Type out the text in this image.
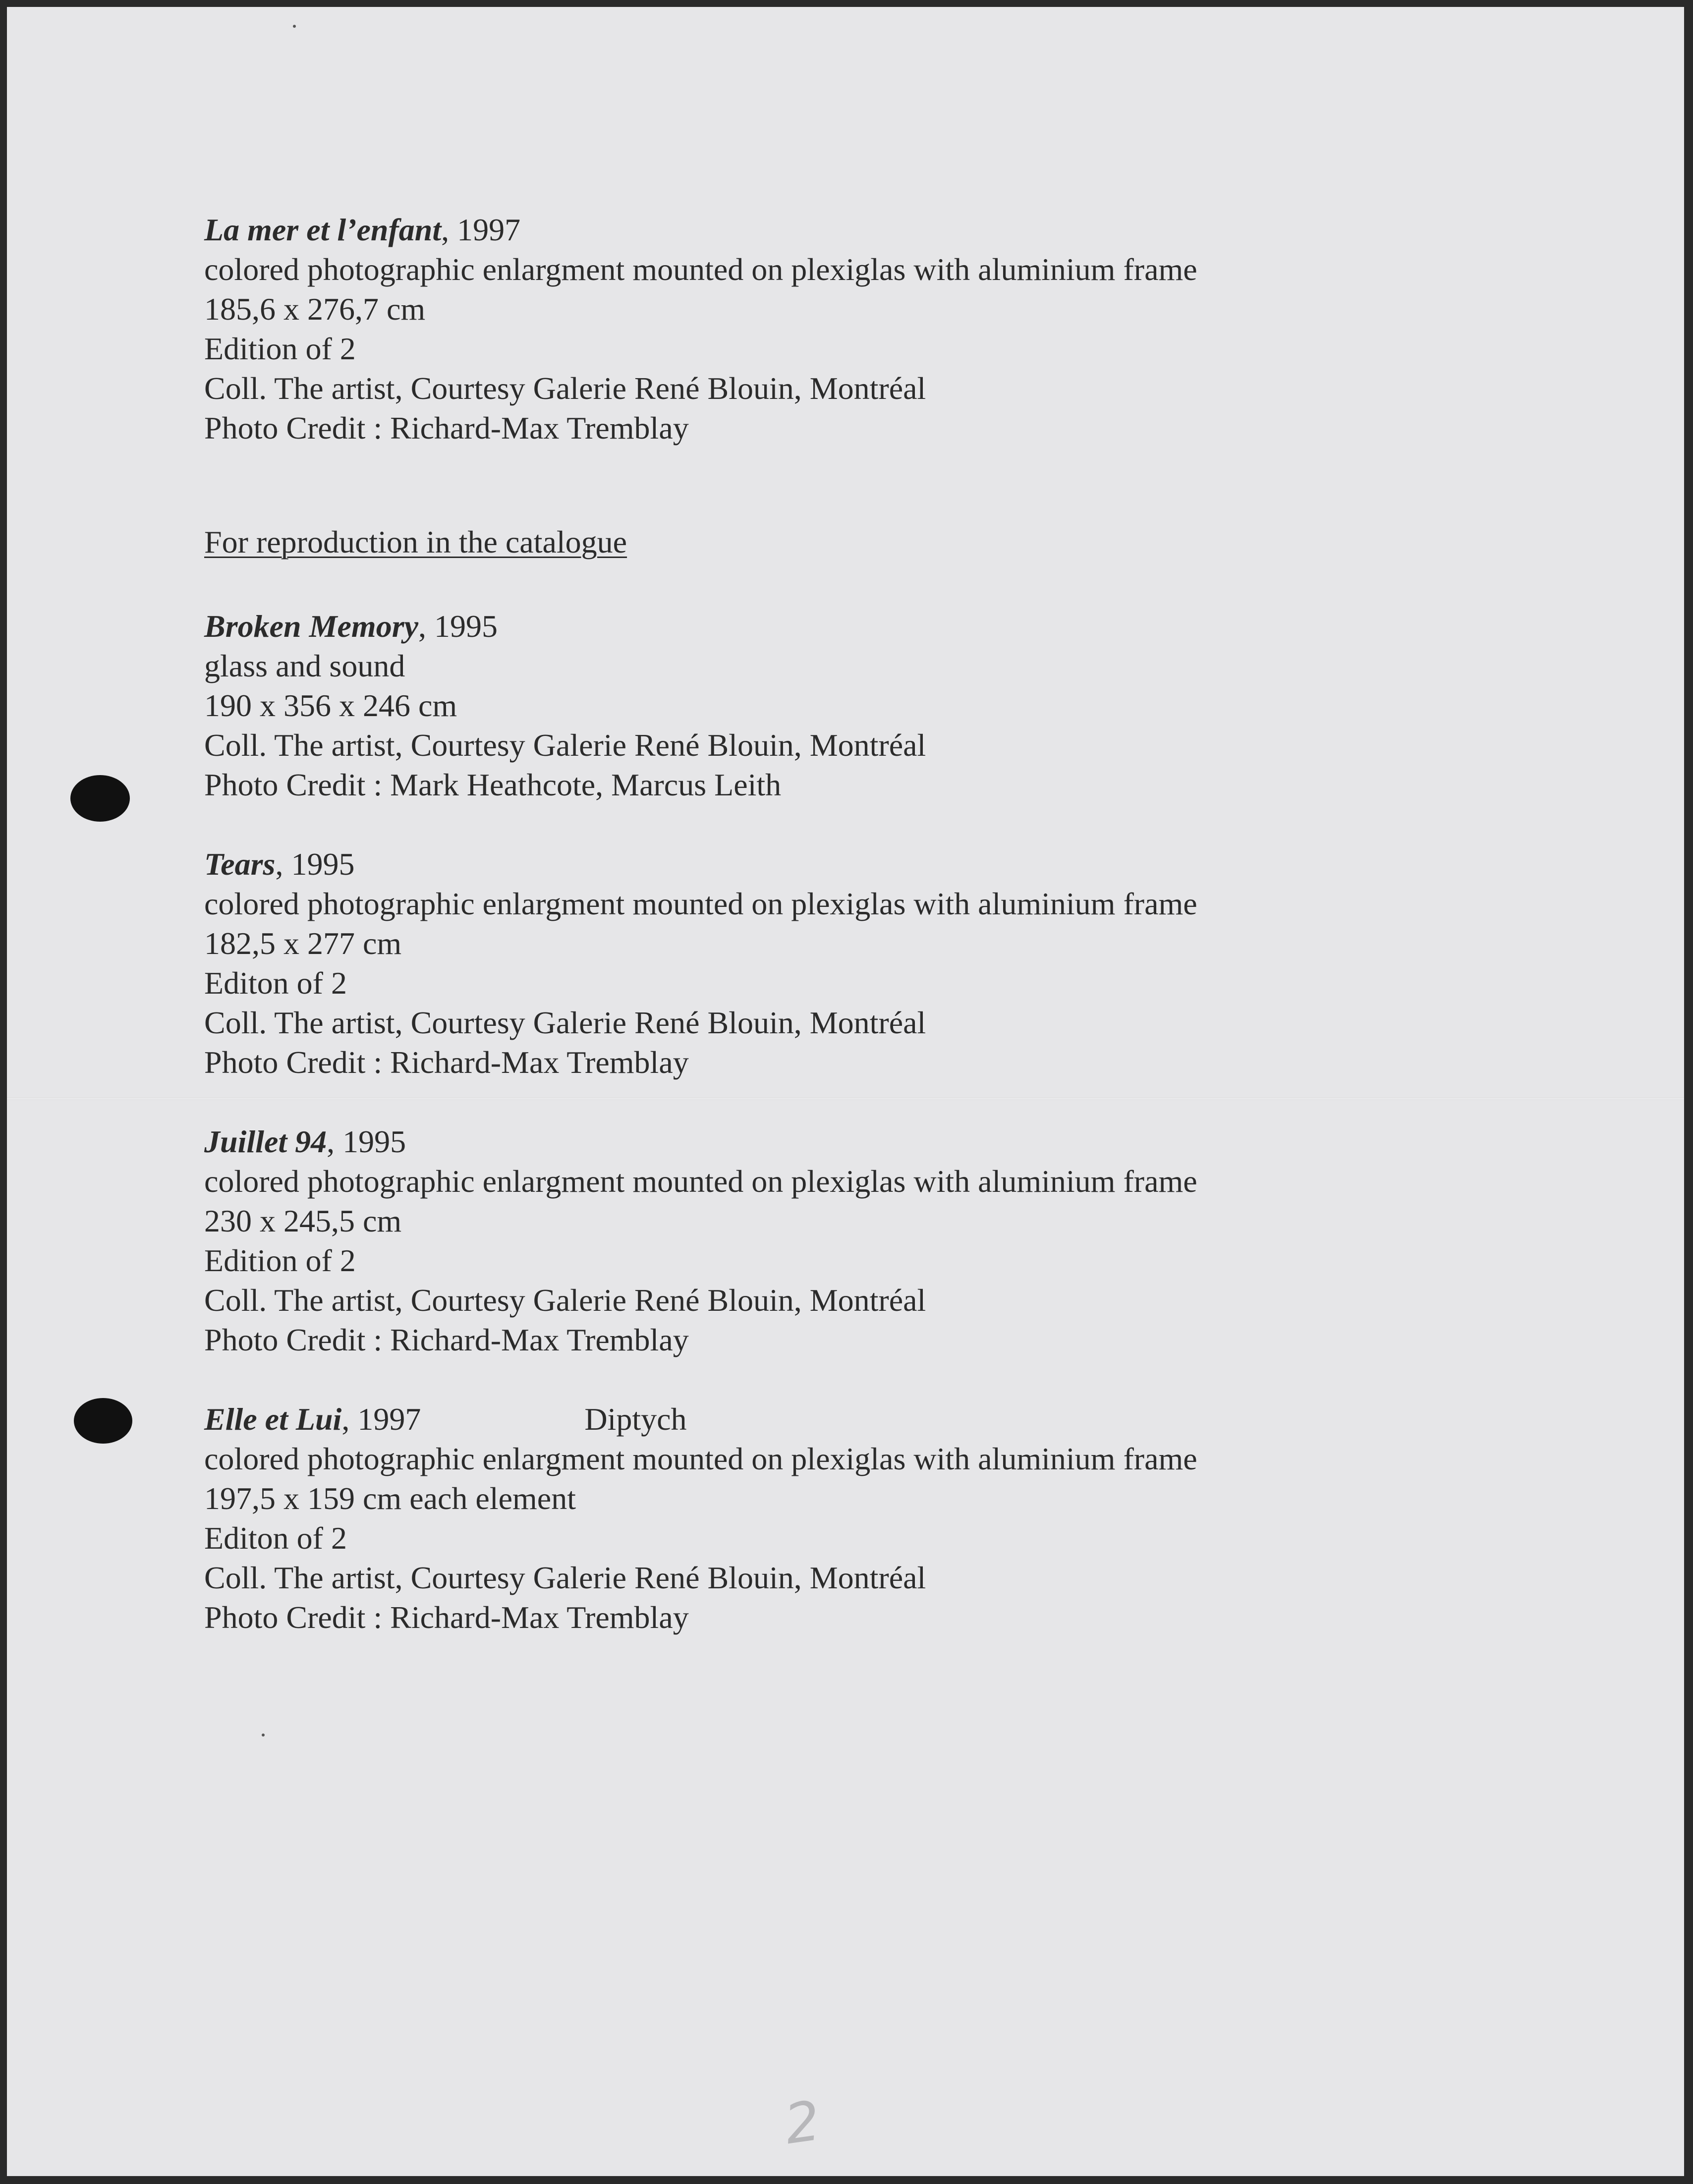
La mer et l’enfant, 1997
colored photographic enlargment mounted on plexiglas with aluminium frame
185,6 x 276,7 cm
Edition of 2
Coll. The artist, Courtesy Galerie René Blouin, Montréal
Photo Credit : Richard-Max Tremblay
For reproduction in the catalogue
Broken Memory, 1995
glass and sound
190 x 356 x 246 cm
Coll. The artist, Courtesy Galerie René Blouin, Montréal
Photo Credit : Mark Heathcote, Marcus Leith
Tears, 1995
colored photographic enlargment mounted on plexiglas with aluminium frame
182,5 x 277 cm
Editon of 2
Coll. The artist, Courtesy Galerie René Blouin, Montréal
Photo Credit : Richard-Max Tremblay
Juillet 94, 1995
colored photographic enlargment mounted on plexiglas with aluminium frame
230 x 245,5 cm
Edition of 2
Coll. The artist, Courtesy Galerie René Blouin, Montréal
Photo Credit : Richard-Max Tremblay
Elle et Lui, 1997	Diptych
colored photographic enlargment mounted on plexiglas with aluminium frame
197,5 x 159 cm each element
Editon of 2
Coll. The artist, Courtesy Galerie René Blouin, Montréal
Photo Credit : Richard-Max Tremblay
2
